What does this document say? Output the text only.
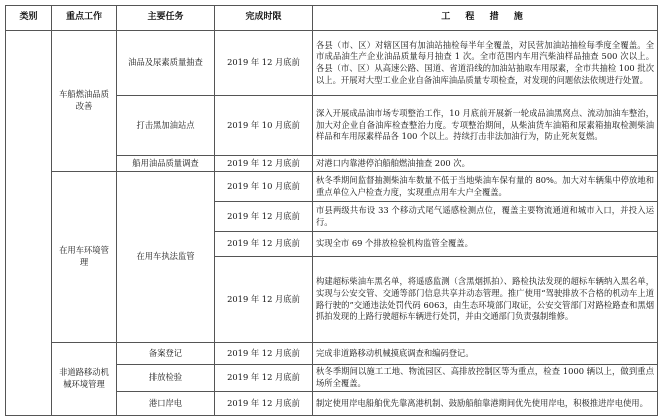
类别	重点工作	主要任务	完成时限	工 程 措 施
	车船燃油品质改善	油品及尿素质量抽查	2019 年 12 月底前	各县（市、区）对辖区国有加油站抽检每半年全覆盖，对民营加油站抽检每季度全覆盖。全市成品油生产企业油品质量每月抽查 1 次。全市范围内车用汽柴油样品抽查 500 次以上。各县（市、区）从高速公路、国道、省道沿线的加油站抽取车用尿素，全市共抽检 100 批次以上。开展对大型工业企业自备油库油品质量专项检查，对发现的问题依法依规进行处置。
		打击黑加油站点	2019 年 10 月底前	深入开展成品油市场专项整治工作，10 月底前开展新一轮成品油黑窝点、流动加油车整治，加大对企业自备油库检查整治力度。专项整治期间，从柴油货车油箱和尿素箱抽取检测柴油样品和车用尿素样品各 100 个以上。持续打击非法加油行为，防止死灰复燃。
		船用油品质量调查	2019 年 12 月底前	对港口内靠港停泊船舶燃油抽查 200 次。
	在用车环境管理	在用车执法监管	2019 年 10 月底前	秋冬季期间监督抽测柴油车数量不低于当地柴油车保有量的 80%。加大对车辆集中停放地和重点单位入户检查力度，实现重点用车大户全覆盖。
			2019 年 12 月底前	市县两级共布设 33 个移动式尾气遥感检测点位，覆盖主要物流通道和城市入口，并投入运行。
			2019 年 12 月底前	实现全市 69 个排放检验机构监管全覆盖。
			2019 年 12 月底前	构建超标柴油车黑名单，将遥感监测（含黑烟抓拍）、路检执法发现的超标车辆纳入黑名单，实现与公安交管、交通等部门信息共享并动态管理。推广使用“驾驶排放不合格的机动车上道路行驶的”交通违法处罚代码 6063，由生态环境部门取证，公安交管部门对路检路查和黑烟抓拍发现的上路行驶超标车辆进行处罚，并由交通部门负责强制维修。
	非道路移动机械环境管理	备案登记	2019 年 12 月底前	完成非道路移动机械摸底调查和编码登记。
		排放检验	2019 年 12 月底前	秋冬季期间以施工工地、物流园区、高排放控制区等为重点，检查 1000 辆以上，做到重点场所全覆盖。
		港口岸电	2019 年 12 月底前	制定使用岸电船舶优先靠离港机制、鼓励船舶靠港期间优先使用岸电，积极推进岸电使用。
